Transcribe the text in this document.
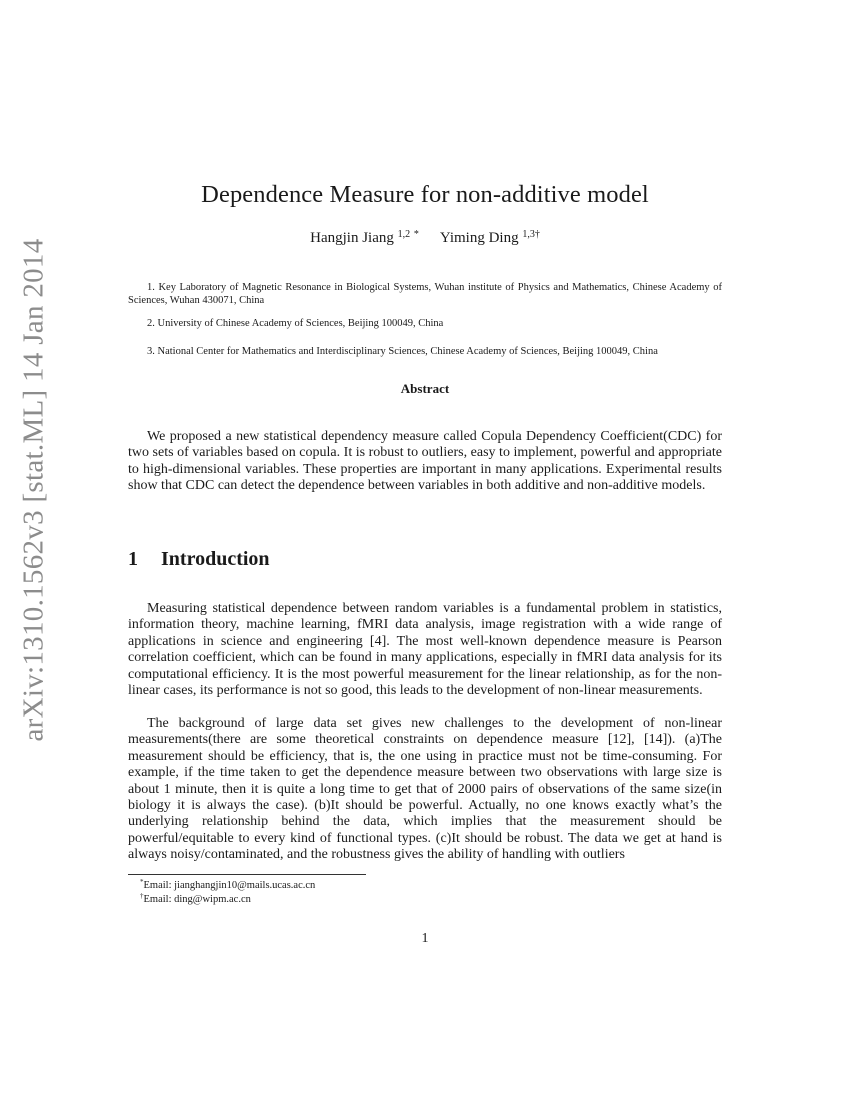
arXiv:1310.1562v3 [stat.ML] 14 Jan 2014
Dependence Measure for non-additive model
Hangjin Jiang $^{1,2}$ * Yiming Ding $^{1,3\dagger}$
1. Key Laboratory of Magnetic Resonance in Biological Systems, Wuhan institute of Physics and Mathematics, Chinese Academy of Sciences, Wuhan 430071, China
2. University of Chinese Academy of Sciences, Beijing 100049, China
3. National Center for Mathematics and Interdisciplinary Sciences, Chinese Academy of Sciences, Beijing 100049, China
Abstract
We proposed a new statistical dependency measure called Copula Dependency Coefficient(CDC) for two sets of variables based on copula. It is robust to outliers, easy to implement, powerful and appropriate to high-dimensional variables. These properties are important in many applications. Experimental results show that CDC can detect the dependence between variables in both additive and non-additive models.
1 Introduction
Measuring statistical dependence between random variables is a fundamental problem in statistics, information theory, machine learning, fMRI data analysis, image registration with a wide range of applications in science and engineering [4]. The most well-known dependence measure is Pearson correlation coefficient, which can be found in many applications, especially in fMRI data analysis for its computational efficiency. It is the most powerful measurement for the linear relationship, as for the non-linear cases, its performance is not so good, this leads to the development of non-linear measurements.
The background of large data set gives new challenges to the development of non-linear measurements(there are some theoretical constraints on dependence measure [12], [14]). (a)The measurement should be efficiency, that is, the one using in practice must not be time-consuming. For example, if the time taken to get the dependence measure between two observations with large size is about 1 minute, then it is quite a long time to get that of 2000 pairs of observations of the same size(in biology it is always the case). (b)It should be powerful. Actually, no one knows exactly what’s the underlying relationship behind the data, which implies that the measurement should be powerful/equitable to every kind of functional types. (c)It should be robust. The data we get at hand is always noisy/contaminated, and the robustness gives the ability of handling with outliers
*Email: jianghangjin10@mails.ucas.ac.cn
†Email: ding@wipm.ac.cn
1
